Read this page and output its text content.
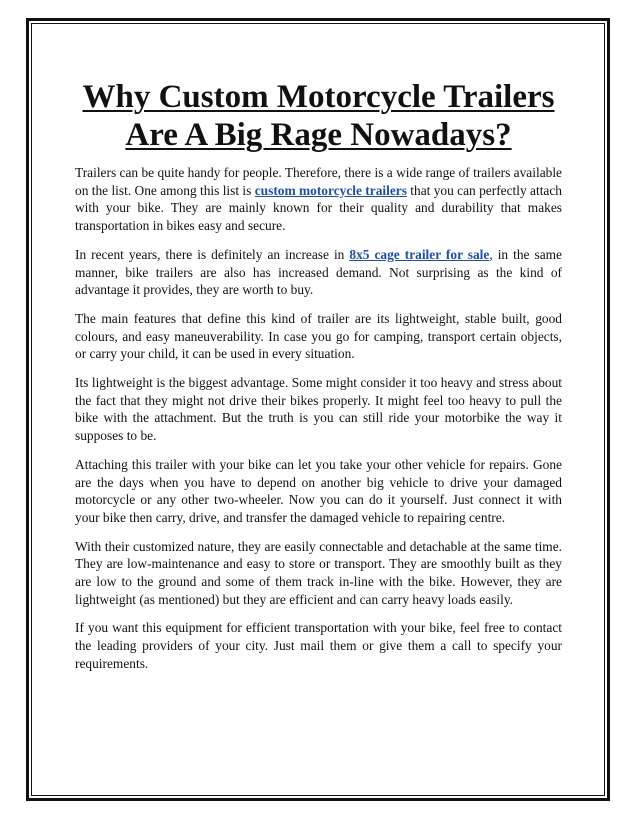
Why Custom Motorcycle Trailers
Are A Big Rage Nowadays?

Trailers can be quite handy for people. Therefore, there is a wide range of trailers available on the list. One among this list is custom motorcycle trailers that you can perfectly attach with your bike. They are mainly known for their quality and durability that makes transportation in bikes easy and secure.

In recent years, there is definitely an increase in 8x5 cage trailer for sale, in the same manner, bike trailers are also has increased demand. Not surprising as the kind of advantage it provides, they are worth to buy.

The main features that define this kind of trailer are its lightweight, stable built, good colours, and easy maneuverability. In case you go for camping, transport certain objects, or carry your child, it can be used in every situation.

Its lightweight is the biggest advantage. Some might consider it too heavy and stress about the fact that they might not drive their bikes properly. It might feel too heavy to pull the bike with the attachment. But the truth is you can still ride your motorbike the way it supposes to be.

Attaching this trailer with your bike can let you take your other vehicle for repairs. Gone are the days when you have to depend on another big vehicle to drive your damaged motorcycle or any other two-wheeler. Now you can do it yourself. Just connect it with your bike then carry, drive, and transfer the damaged vehicle to repairing centre.

With their customized nature, they are easily connectable and detachable at the same time. They are low-maintenance and easy to store or transport. They are smoothly built as they are low to the ground and some of them track in-line with the bike. However, they are lightweight (as mentioned) but they are efficient and can carry heavy loads easily.

If you want this equipment for efficient transportation with your bike, feel free to contact the leading providers of your city. Just mail them or give them a call to specify your requirements.
